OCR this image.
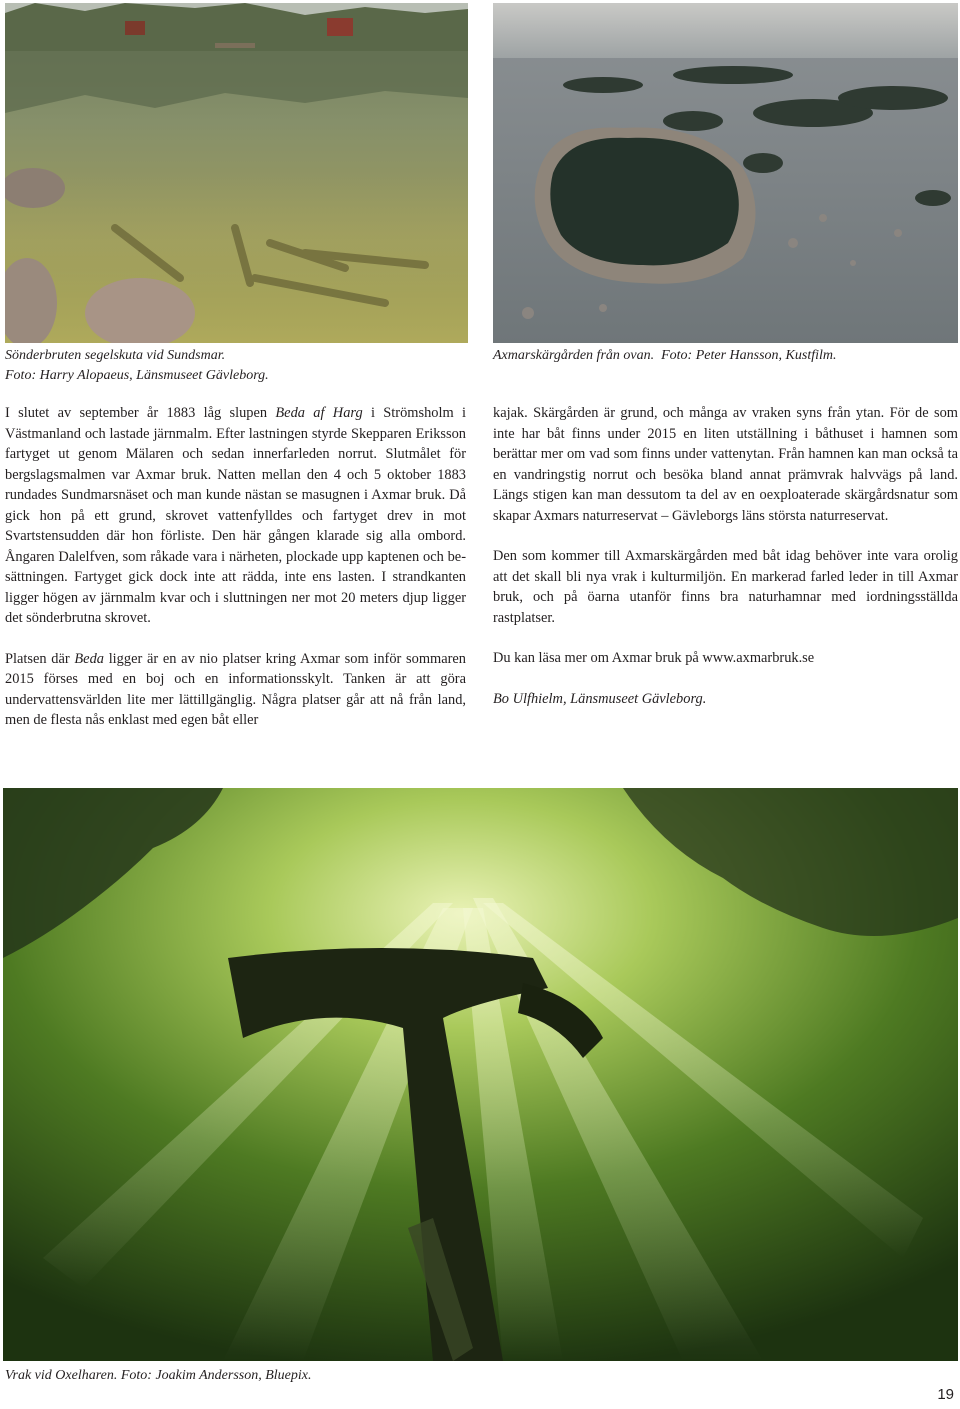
Sönderbruten segelskuta vid Sundsmar.
Foto: Harry Alopaeus, Länsmuseet Gävleborg.

Axmarskärgården från ovan.  Foto: Peter Hansson, Kustfilm.

I slutet av september år 1883 låg slupen Beda af Harg i Strömsholm i Västmanland och lastade järnmalm. Efter lastningen styrde Skepparen Eriksson fartyget ut genom Mälaren och sedan innerfarleden norrut. Slutmålet för bergslagsmalmen var Axmar bruk. Natten mellan den 4 och 5 oktober 1883 rundades Sundmarsnäset och man kunde nästan se masugnen i Axmar bruk. Då gick hon på ett grund, skrovet vattenfylldes och fartyget drev in mot Svartstensudden där hon förliste. Den här gången klarade sig alla ombord. Ångaren Dalelfven, som råkade vara i närheten, plockade upp kaptenen och besättningen. Fartyget gick dock inte att rädda, inte ens lasten. I strandkanten ligger högen av järnmalm kvar och i sluttningen ner mot 20 meters djup ligger det sönderbrutna skrovet.

Platsen där Beda ligger är en av nio platser kring Axmar som inför sommaren 2015 förses med en boj och en informationsskylt. Tanken är att göra undervattensvärlden lite mer lättillgänglig. Några platser går att nå från land, men de flesta nås enklast med egen båt eller

kajak. Skärgården är grund, och många av vraken syns från ytan. För de som inte har båt finns under 2015 en liten utställning i båthuset i hamnen som berättar mer om vad som finns under vattenytan. Från hamnen kan man också ta en vandringstig norrut och besöka bland annat prämvrak halvvägs på land. Längs stigen kan man dessutom ta del av en oexploaterade skärgårdsnatur som skapar Axmars naturreservat – Gävleborgs läns största naturreservat.

Den som kommer till Axmarskärgården med båt idag behöver inte vara orolig att det skall bli nya vrak i kulturmiljön. En markerad farled leder in till Axmar bruk, och på öarna utanför finns bra naturhamnar med iordningsställda rastplatser.

Du kan läsa mer om Axmar bruk på www.axmarbruk.se

Bo Ulfhielm, Länsmuseet Gävleborg.

Vrak vid Oxelharen. Foto: Joakim Andersson, Bluepix.

19
